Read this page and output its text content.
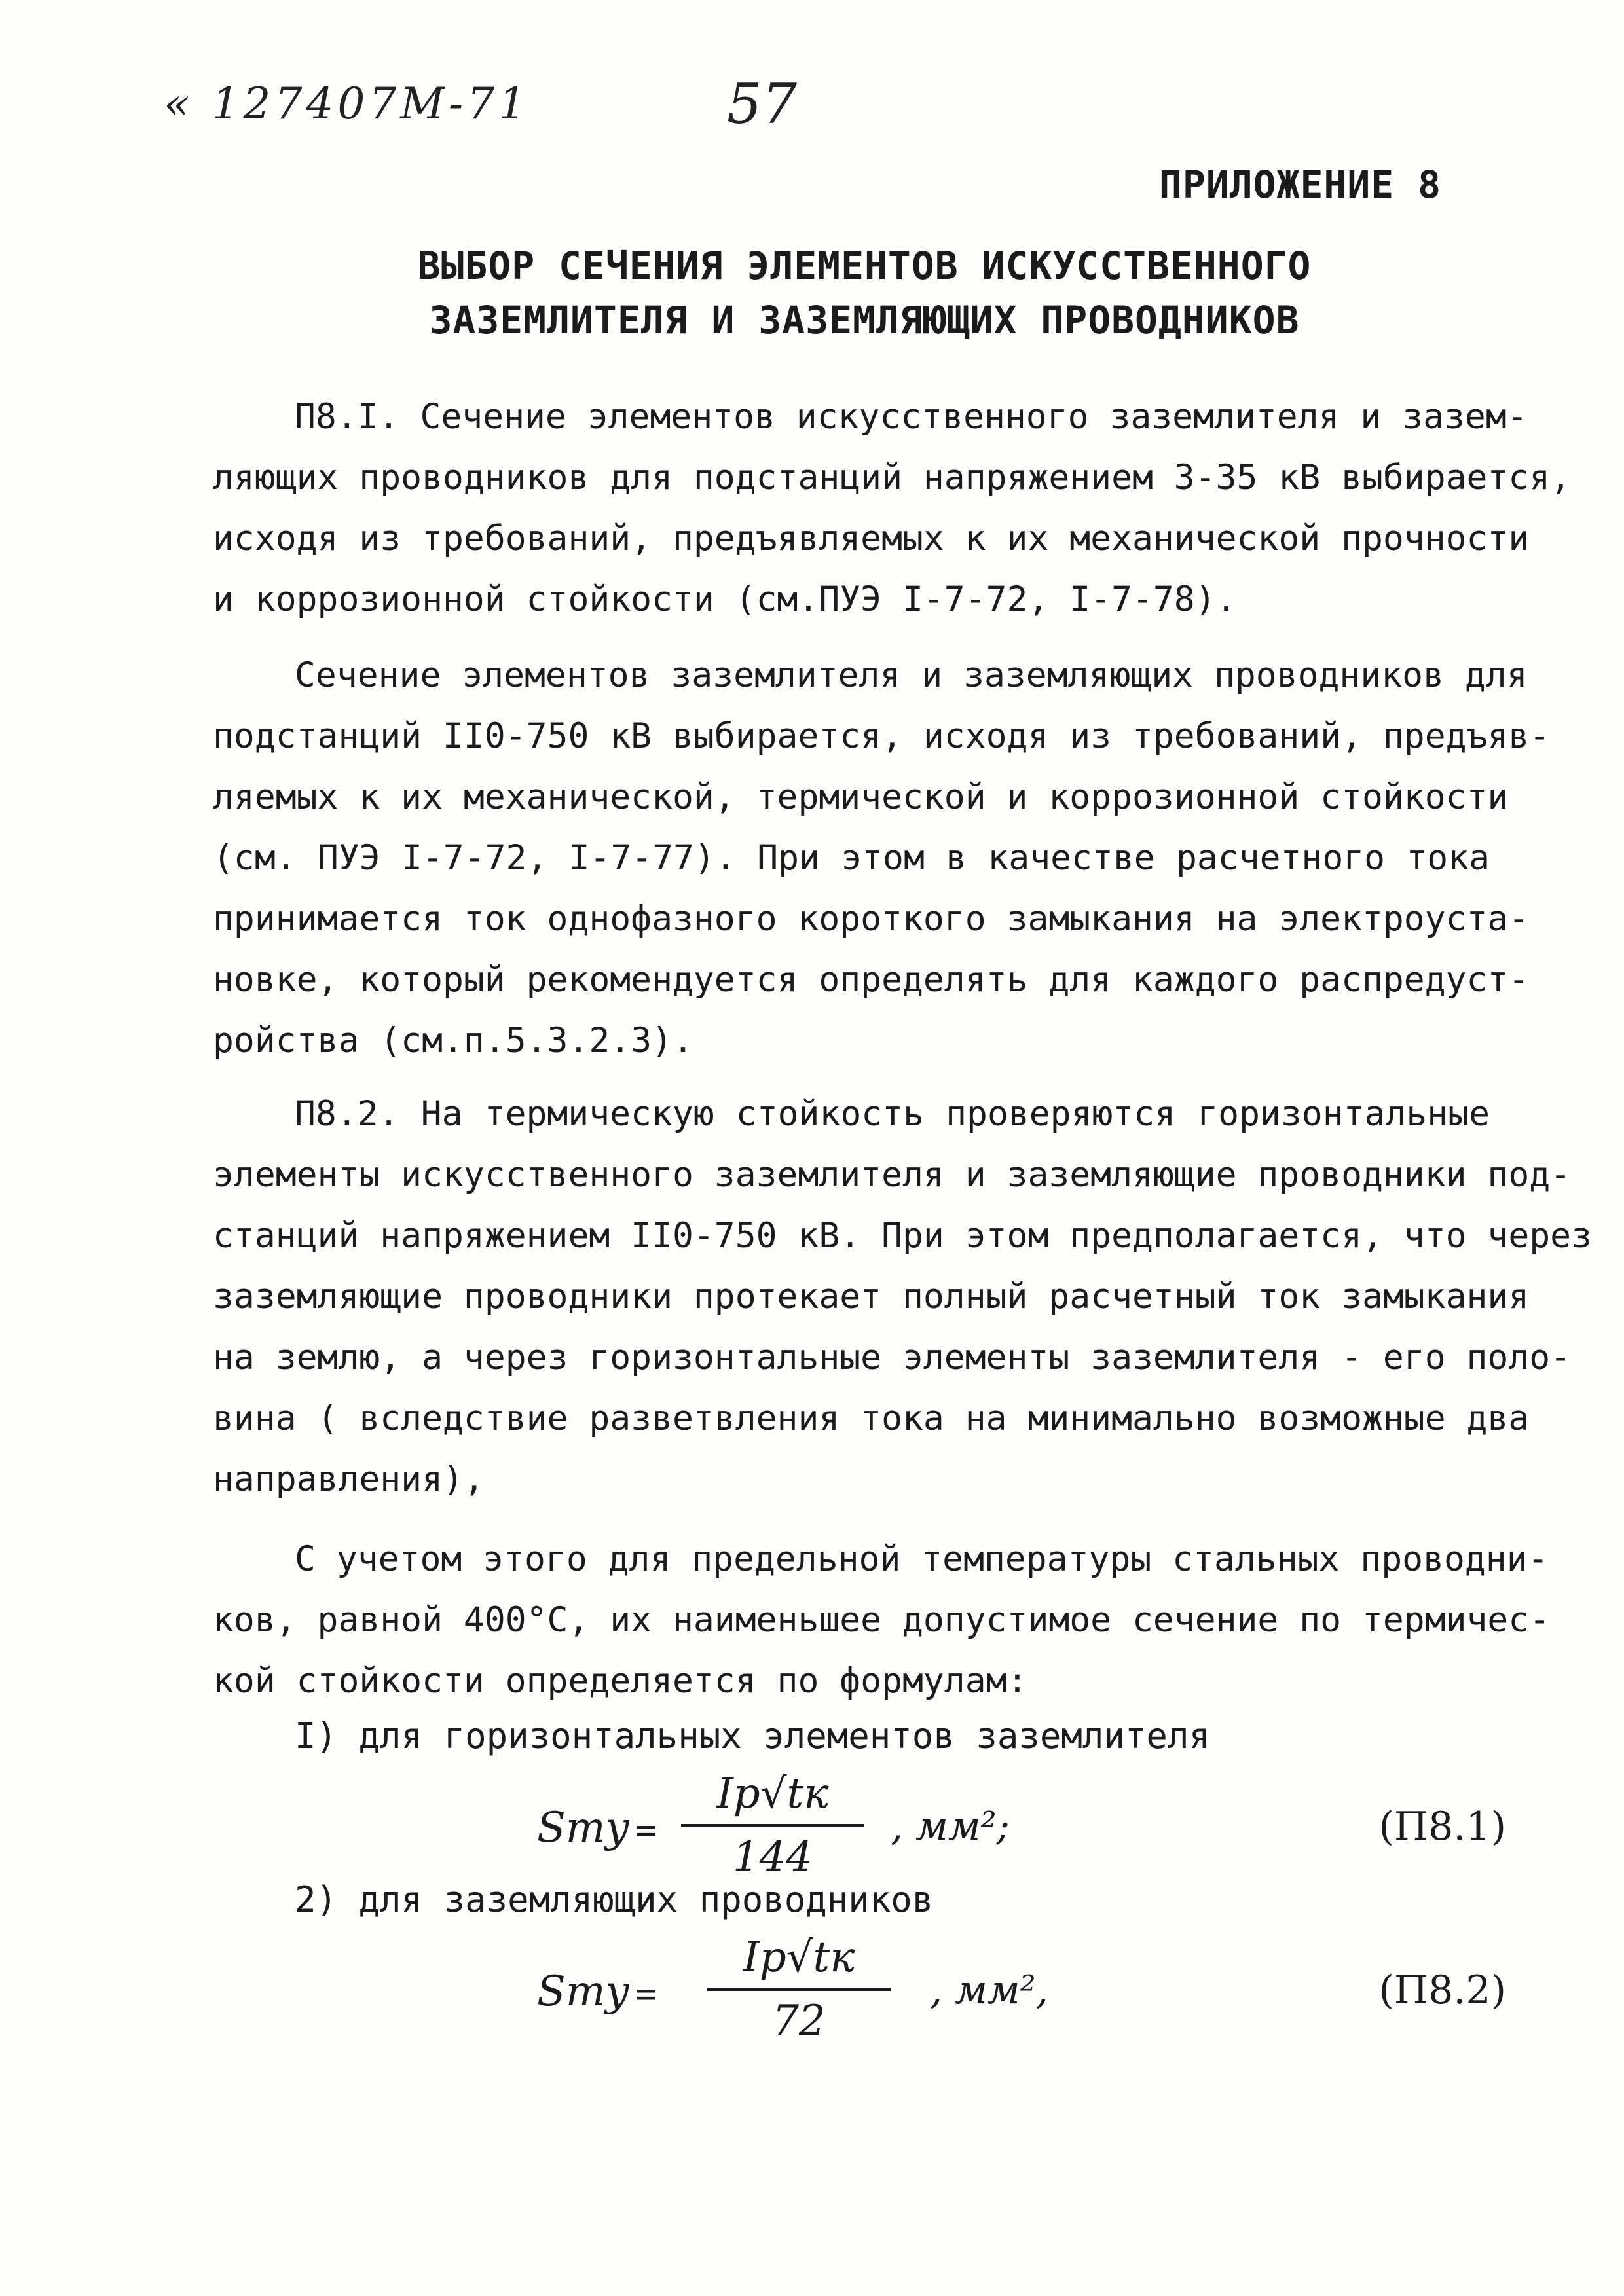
« 127407М-71	57
ПРИЛОЖЕНИЕ 8
ВЫБОР СЕЧЕНИЯ ЭЛЕМЕНТОВ ИСКУССТВЕННОГО
ЗАЗЕМЛИТЕЛЯ И ЗАЗЕМЛЯЮЩИХ ПРОВОДНИКОВ
П8.I. Сечение элементов искусственного заземлителя и зазем-
ляющих проводников для подстанций напряжением 3-35 кВ выбирается,
исходя из требований, предъявляемых к их механической прочности
и коррозионной стойкости (см.ПУЭ I-7-72, I-7-78).
Сечение элементов заземлителя и заземляющих проводников для
подстанций II0-750 кВ выбирается, исходя из требований, предъяв-
ляемых к их механической, термической и коррозионной стойкости
(см. ПУЭ I-7-72, I-7-77). При этом в качестве расчетного тока
принимается ток однофазного короткого замыкания на электроуста-
новке, который рекомендуется определять для каждого распредуст-
ройства (см.п.5.3.2.3).
П8.2. На термическую стойкость проверяются горизонтальные
элементы искусственного заземлителя и заземляющие проводники под-
станций напряжением II0-750 кВ. При этом предполагается, что через
заземляющие проводники протекает полный расчетный ток замыкания
на землю, а через горизонтальные элементы заземлителя - его поло-
вина ( вследствие разветвления тока на минимально возможные два
направления),
С учетом этого для предельной температуры стальных проводни-
ков, равной 400°С, их наименьшее допустимое сечение по термичес-
кой стойкости определяется по формулам:
I) для горизонтальных элементов заземлителя
Sту =
Iр√tк
144
, мм²;	(П8.1)
2) для заземляющих проводников
Sту =
Iр√tк
72
, мм²,	(П8.2)
